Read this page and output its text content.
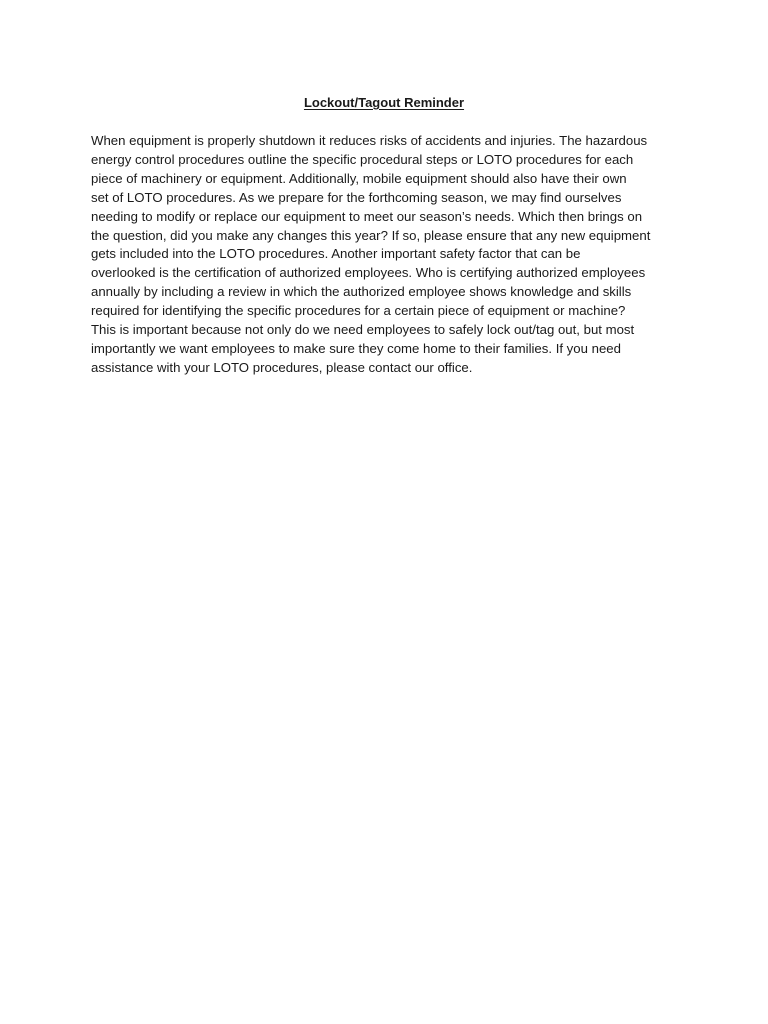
Lockout/Tagout Reminder

When equipment is properly shutdown it reduces risks of accidents and injuries. The hazardous
energy control procedures outline the specific procedural steps or LOTO procedures for each
piece of machinery or equipment. Additionally, mobile equipment should also have their own
set of LOTO procedures. As we prepare for the forthcoming season, we may find ourselves
needing to modify or replace our equipment to meet our season’s needs. Which then brings on
the question, did you make any changes this year? If so, please ensure that any new equipment
gets included into the LOTO procedures. Another important safety factor that can be
overlooked is the certification of authorized employees. Who is certifying authorized employees
annually by including a review in which the authorized employee shows knowledge and skills
required for identifying the specific procedures for a certain piece of equipment or machine?
This is important because not only do we need employees to safely lock out/tag out, but most
importantly we want employees to make sure they come home to their families. If you need
assistance with your LOTO procedures, please contact our office.
